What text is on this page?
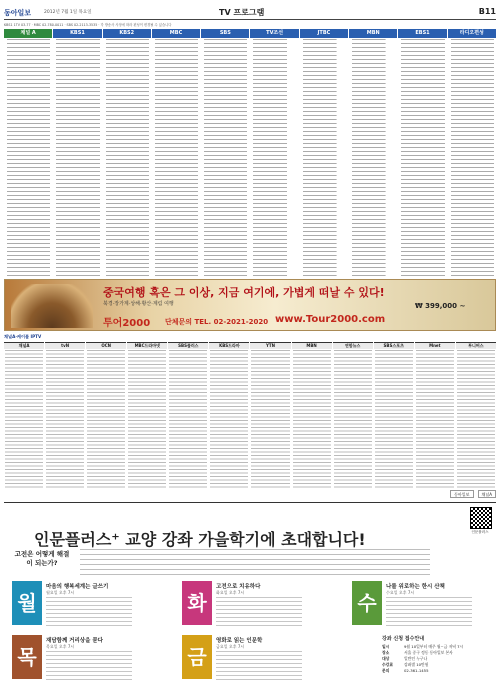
동아일보	2012년 7월 1일 목요일	TV 프로그램	B11
KBS1 1TV 03-77 · MBC 02-780-0011 · SBS 02-2113-3535 · 각 방송사 사정에 따라 편성이 변경될 수 있습니다
채널 A	KBS1	KBS2	MBC	SBS	TV조선	JTBC	MBN	EBS1	라디오편성
중국여행 혹은 그 이상, 지금 여기에, 가볍게 떠날 수 있다!
북경·장가계·상해·황산·계림 여행	₩ 399,000 ~
투어2000 단체문의 TEL. 02-2021-2020 www.Tour2000.com
채널A·케이블 IPTV
채널A	tvN	OCN	MBC드라마넷	SBS플러스	KBS드라마	YTN	MBN	연합뉴스	SBS스포츠	Mnet	투니버스
동아일보	채널A
인문플러스
인문플러스⁺ 교양 강좌 가을학기에 초대합니다!
고전은 어떻게 해결이 되는가?
월
마음의 행복세계는 글쓰기
월요일 오후 7시	화
고전으로 치유하다
화요일 오후 7시	수
나를 위로하는 한시 산책
수요일 오후 7시
목
재담함께 거리상을 묻다
목요일 오후 7시	금
영화로 읽는 인문학
금요일 오후 7시
강좌 신청 접수안내
일시	9월 10일부터 매주 월~금 저녁 7시
장소	서울 중구 정동 동아일보 본사
대상	일반인 누구나
수강료	강좌별 10만원
문의	02-361-1455
